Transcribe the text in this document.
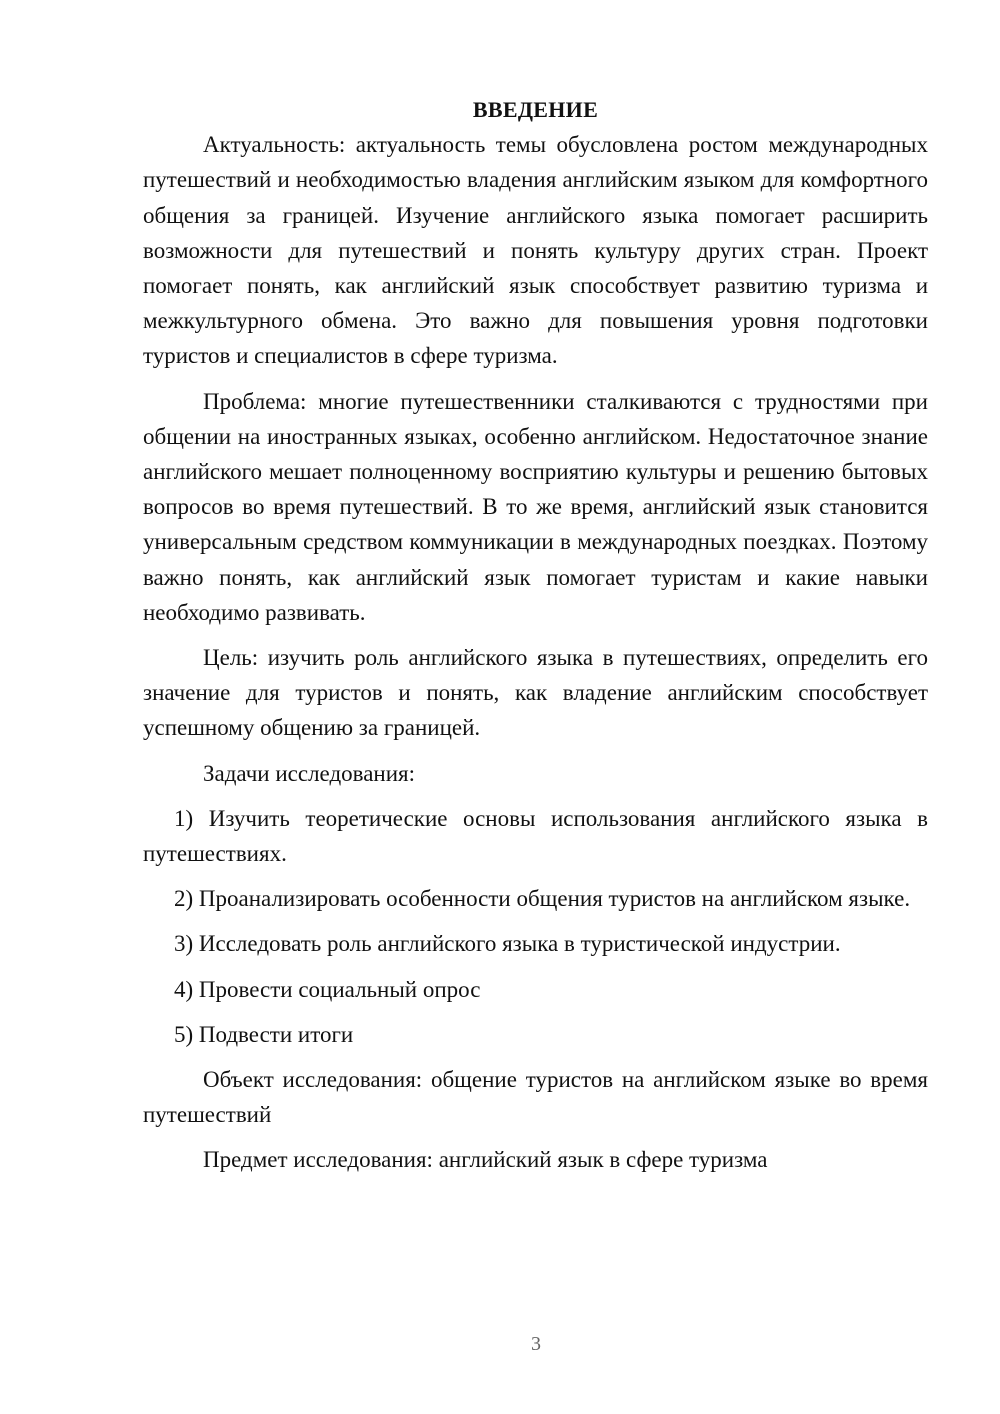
ВВЕДЕНИЕ

Актуальность: актуальность темы обусловлена ростом международных путешествий и необходимостью владения английским языком для комфортного общения за границей. Изучение английского языка помогает расширить возможности для путешествий и понять культуру других стран. Проект помогает понять, как английский язык способствует развитию туризма и межкультурного обмена. Это важно для повышения уровня подготовки туристов и специалистов в сфере туризма.

Проблема: многие путешественники сталкиваются с трудностями при общении на иностранных языках, особенно английском. Недостаточное знание английского мешает полноценному восприятию культуры и решению бытовых вопросов во время путешествий. В то же время, английский язык становится универсальным средством коммуникации в международных поездках. Поэтому важно понять, как английский язык помогает туристам и какие навыки необходимо развивать.

Цель: изучить роль английского языка в путешествиях, определить его значение для туристов и понять, как владение английским способствует успешному общению за границей.

Задачи исследования:

1) Изучить теоретические основы использования английского языка в путешествиях.

2) Проанализировать особенности общения туристов на английском языке.

3) Исследовать роль английского языка в туристической индустрии.

4) Провести социальный опрос

5) Подвести итоги

Объект исследования: общение туристов на английском языке во время путешествий

Предмет исследования: английский язык в сфере туризма

3
